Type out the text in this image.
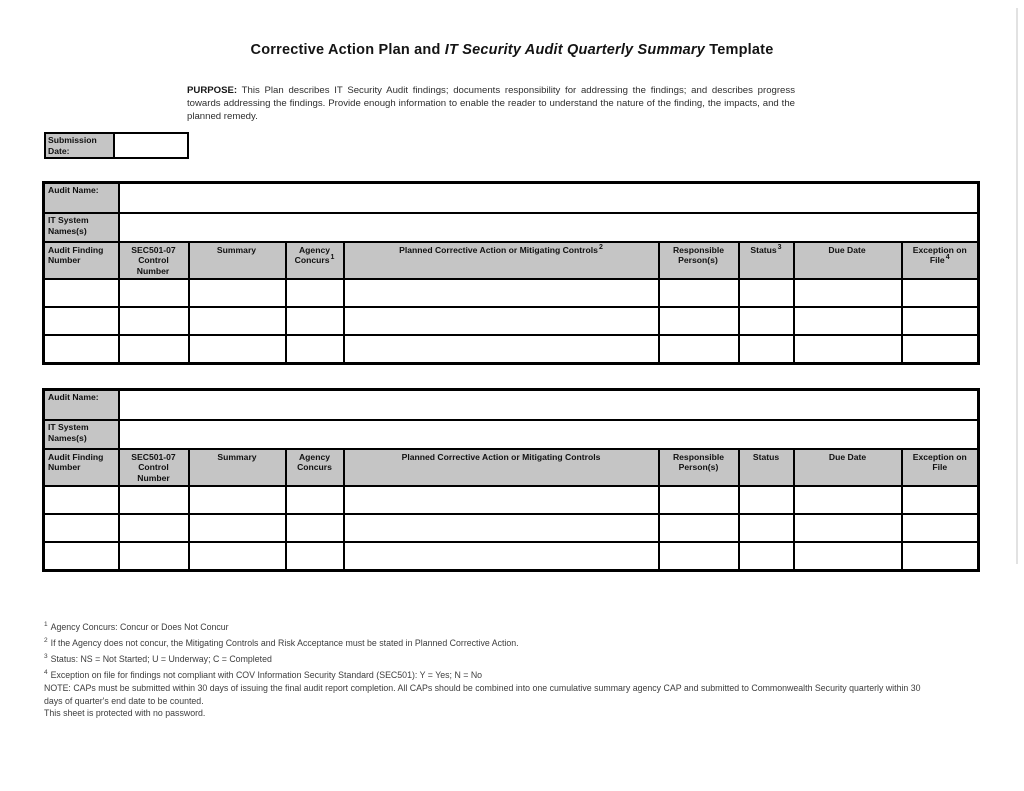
Corrective Action Plan and IT Security Audit Quarterly Summary Template
PURPOSE: This Plan describes IT Security Audit findings; documents responsibility for addressing the findings; and describes progress towards addressing the findings. Provide enough information to enable the reader to understand the nature of the finding, the impacts, and the planned remedy.
Submission Date:
Audit Name:								
IT System Names(s)								
Audit Finding Number	SEC501-07 Control Number	Summary	Agency Concurs$^1$	Planned Corrective Action or Mitigating Controls$^2$	Responsible Person(s)	Status$^3$	Due Date	Exception on File$^4$

Audit Name:								
IT System Names(s)								
Audit Finding Number	SEC501-07 Control Number	Summary	Agency Concurs	Planned Corrective Action or Mitigating Controls	Responsible Person(s)	Status	Due Date	Exception on File

$^1$ Agency Concurs: Concur or Does Not Concur
$^2$ If the Agency does not concur, the Mitigating Controls and Risk Acceptance must be stated in Planned Corrective Action.
$^3$ Status: NS = Not Started; U = Underway; C = Completed
$^4$ Exception on file for findings not compliant with COV Information Security Standard (SEC501): Y = Yes; N = No
NOTE: CAPs must be submitted within 30 days of issuing the final audit report completion. All CAPs should be combined into one cumulative summary agency CAP and submitted to Commonwealth Security quarterly within 30 days of quarter's end date to be counted.
This sheet is protected with no password.
